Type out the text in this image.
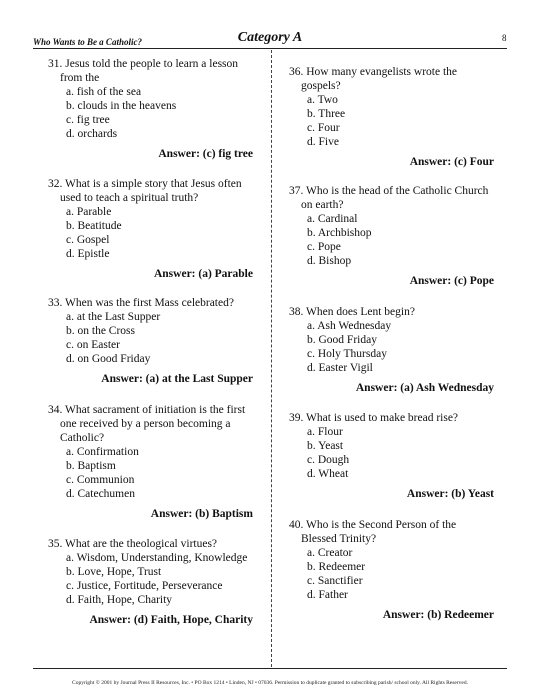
Who Wants to Be a Catholic?	Category A	8
31. Jesus told the people to learn a lesson from the
a. fish of the sea
b. clouds in the heavens
c. fig tree
d. orchards
Answer: (c) fig tree
32. What is a simple story that Jesus often used to teach a spiritual truth?
a. Parable
b. Beatitude
c. Gospel
d. Epistle
Answer: (a) Parable
33. When was the first Mass celebrated?
a. at the Last Supper
b. on the Cross
c. on Easter
d. on Good Friday
Answer: (a) at the Last Supper
34. What sacrament of initiation is the first one received by a person becoming a Catholic?
a. Confirmation
b. Baptism
c. Communion
d. Catechumen
Answer: (b) Baptism
35. What are the theological virtues?
a. Wisdom, Understanding, Knowledge
b. Love, Hope, Trust
c. Justice, Fortitude, Perseverance
d. Faith, Hope, Charity
Answer: (d) Faith, Hope, Charity
36. How many evangelists wrote the gospels?
a. Two
b. Three
c. Four
d. Five
Answer: (c) Four
37. Who is the head of the Catholic Church on earth?
a. Cardinal
b. Archbishop
c. Pope
d. Bishop
Answer: (c) Pope
38. When does Lent begin?
a. Ash Wednesday
b. Good Friday
c. Holy Thursday
d. Easter Vigil
Answer: (a) Ash Wednesday
39. What is used to make bread rise?
a. Flour
b. Yeast
c. Dough
d. Wheat
Answer: (b) Yeast
40. Who is the Second Person of the Blessed Trinity?
a. Creator
b. Redeemer
c. Sanctifier
d. Father
Answer: (b) Redeemer
Copyright © 2001 by Journal Press II Resources, Inc. • PO Box 1214 • Linden, NJ • 07036. Permission to duplicate granted to subscribing parish/ school only. All Rights Reserved.
